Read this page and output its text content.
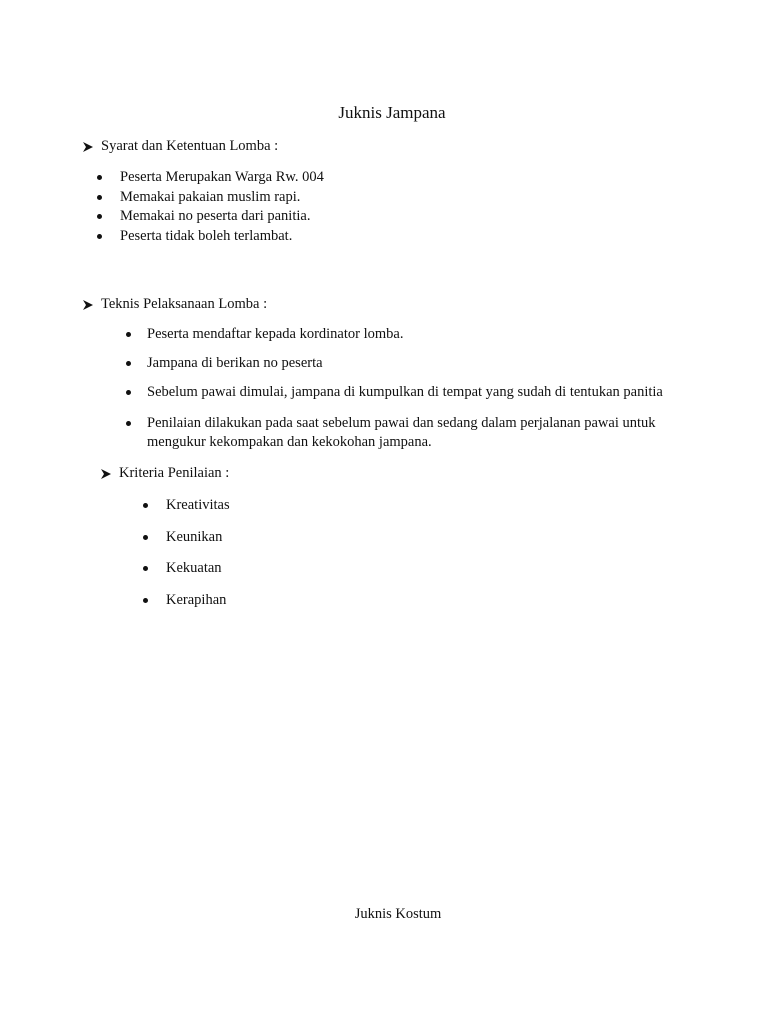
Juknis Jampana
Syarat dan Ketentuan Lomba :
Peserta Merupakan Warga Rw. 004
Memakai pakaian muslim rapi.
Memakai no peserta dari panitia.
Peserta tidak boleh terlambat.
Teknis Pelaksanaan Lomba :
Peserta mendaftar kepada kordinator lomba.
Jampana di berikan no peserta
Sebelum pawai dimulai, jampana di kumpulkan di tempat yang sudah di tentukan panitia
Penilaian dilakukan pada saat sebelum pawai dan sedang dalam perjalanan pawai untuk mengukur kekompakan dan kekokohan jampana.
Kriteria Penilaian :
Kreativitas
Keunikan
Kekuatan
Kerapihan
Juknis Kostum
